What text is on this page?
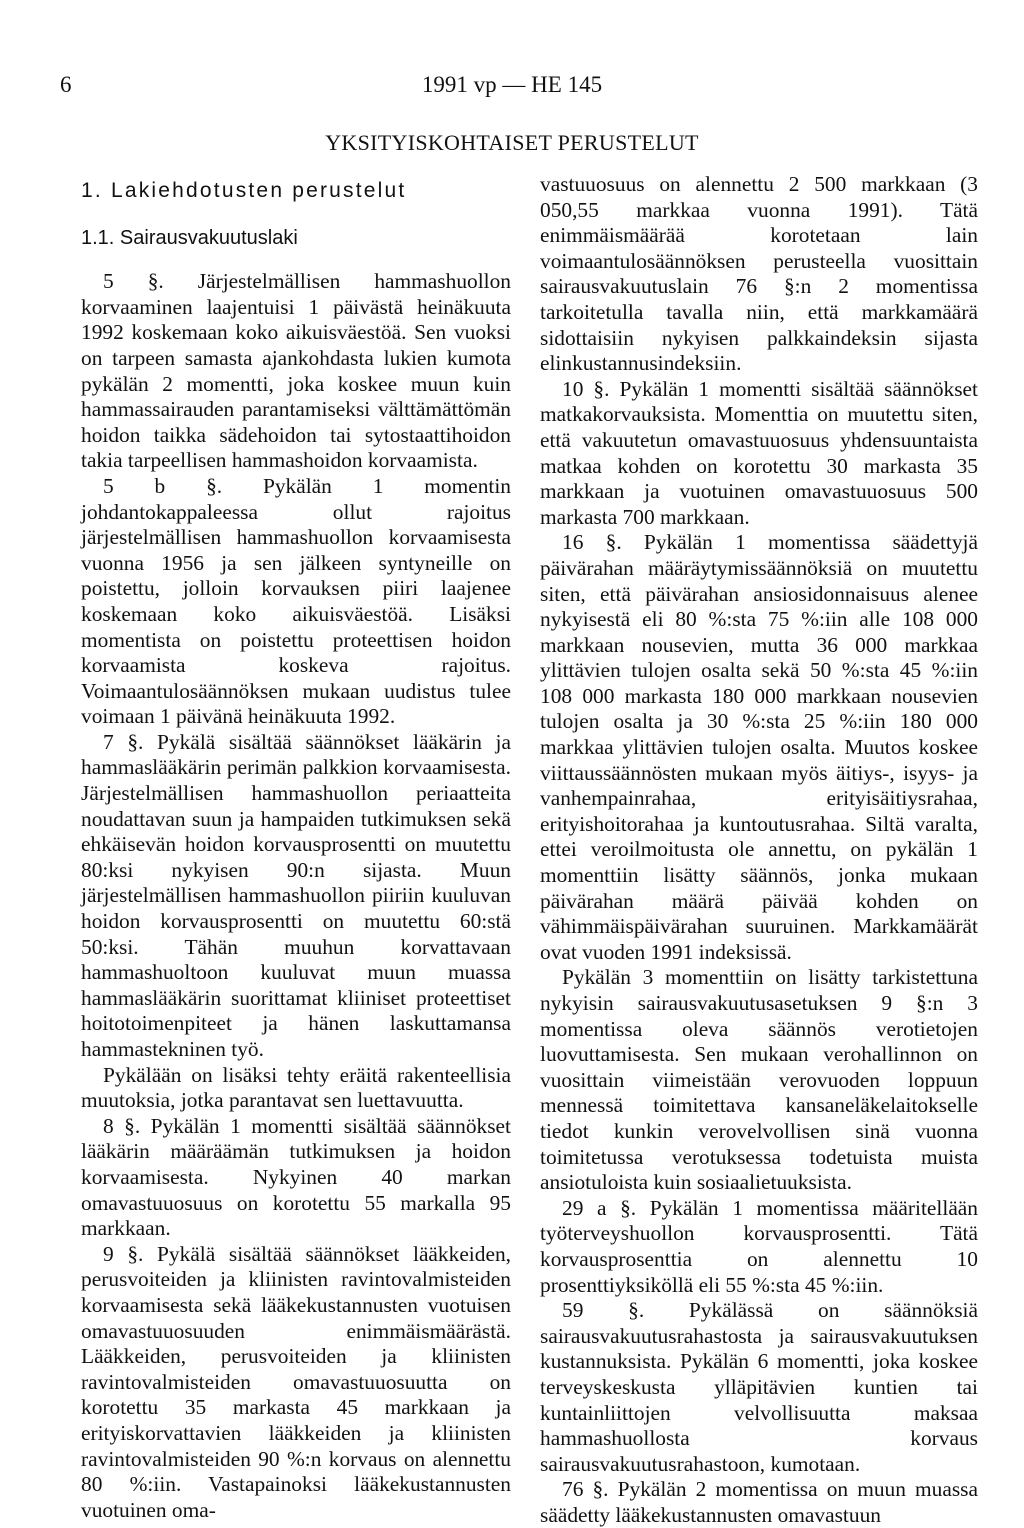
6	1991 vp — HE 145
YKSITYISKOHTAISET PERUSTELUT
1. Lakiehdotusten perustelut
1.1. Sairausvakuutuslaki

5 §. Järjestelmällisen hammashuollon korvaaminen laajentuisi 1 päivästä heinäkuuta 1992 koskemaan koko aikuisväestöä. Sen vuoksi on tarpeen samasta ajankohdasta lukien kumota pykälän 2 momentti, joka koskee muun kuin hammassairauden parantamiseksi välttämättömän hoidon taikka sädehoidon tai sytostaattihoidon takia tarpeellisen hammashoidon korvaamista.

5 b §. Pykälän 1 momentin johdantokappaleessa ollut rajoitus järjestelmällisen hammashuollon korvaamisesta vuonna 1956 ja sen jälkeen syntyneille on poistettu, jolloin korvauksen piiri laajenee koskemaan koko aikuisväestöä. Lisäksi momentista on poistettu proteettisen hoidon korvaamista koskeva rajoitus. Voimaantulosäännöksen mukaan uudistus tulee voimaan 1 päivänä heinäkuuta 1992.

7 §. Pykälä sisältää säännökset lääkärin ja hammaslääkärin perimän palkkion korvaamisesta. Järjestelmällisen hammashuollon periaatteita noudattavan suun ja hampaiden tutkimuksen sekä ehkäisevän hoidon korvausprosentti on muutettu 80:ksi nykyisen 90:n sijasta. Muun järjestelmällisen hammashuollon piiriin kuuluvan hoidon korvausprosentti on muutettu 60:stä 50:ksi. Tähän muuhun korvattavaan hammashuoltoon kuuluvat muun muassa hammaslääkärin suorittamat kliiniset proteettiset hoitotoimenpiteet ja hänen laskuttamansa hammastekninen työ.

Pykälään on lisäksi tehty eräitä rakenteellisia muutoksia, jotka parantavat sen luettavuutta.

8 §. Pykälän 1 momentti sisältää säännökset lääkärin määräämän tutkimuksen ja hoidon korvaamisesta. Nykyinen 40 markan omavastuuosuus on korotettu 55 markalla 95 markkaan.

9 §. Pykälä sisältää säännökset lääkkeiden, perusvoiteiden ja kliinisten ravintovalmisteiden korvaamisesta sekä lääkekustannusten vuotuisen omavastuuosuuden enimmäismäärästä. Lääkkeiden, perusvoiteiden ja kliinisten ravintovalmisteiden omavastuuosuutta on korotettu 35 markasta 45 markkaan ja erityiskorvattavien lääkkeiden ja kliinisten ravintovalmisteiden 90 %:n korvaus on alennettu 80 %:iin. Vastapainoksi lääkekustannusten vuotuinen oma-

vastuuosuus on alennettu 2 500 markkaan (3 050,55 markkaa vuonna 1991). Tätä enimmäismäärää korotetaan lain voimaantulosäännöksen perusteella vuosittain sairausvakuutuslain 76 §:n 2 momentissa tarkoitetulla tavalla niin, että markkamäärä sidottaisiin nykyisen palkkaindeksin sijasta elinkustannusindeksiin.

10 §. Pykälän 1 momentti sisältää säännökset matkakorvauksista. Momenttia on muutettu siten, että vakuutetun omavastuuosuus yhdensuuntaista matkaa kohden on korotettu 30 markasta 35 markkaan ja vuotuinen omavastuuosuus 500 markasta 700 markkaan.

16 §. Pykälän 1 momentissa säädettyjä päivärahan määräytymissäännöksiä on muutettu siten, että päivärahan ansiosidonnaisuus alenee nykyisestä eli 80 %:sta 75 %:iin alle 108 000 markkaan nousevien, mutta 36 000 markkaa ylittävien tulojen osalta sekä 50 %:sta 45 %:iin 108 000 markasta 180 000 markkaan nousevien tulojen osalta ja 30 %:sta 25 %:iin 180 000 markkaa ylittävien tulojen osalta. Muutos koskee viittaussäännösten mukaan myös äitiys-, isyys- ja vanhempainrahaa, erityisäitiysrahaa, erityishoitorahaa ja kuntoutusrahaa. Siltä varalta, ettei veroilmoitusta ole annettu, on pykälän 1 momenttiin lisätty säännös, jonka mukaan päivärahan määrä päivää kohden on vähimmäispäivärahan suuruinen. Markkamäärät ovat vuoden 1991 indeksissä.

Pykälän 3 momenttiin on lisätty tarkistettuna nykyisin sairausvakuutusasetuksen 9 §:n 3 momentissa oleva säännös verotietojen luovuttamisesta. Sen mukaan verohallinnon on vuosittain viimeistään verovuoden loppuun mennessä toimitettava kansaneläkelaitokselle tiedot kunkin verovelvollisen sinä vuonna toimitetussa verotuksessa todetuista muista ansiotuloista kuin sosiaalietuuksista.

29 a §. Pykälän 1 momentissa määritellään työterveyshuollon korvausprosentti. Tätä korvausprosenttia on alennettu 10 prosenttiyksiköllä eli 55 %:sta 45 %:iin.

59 §. Pykälässä on säännöksiä sairausvakuutusrahastosta ja sairausvakuutuksen kustannuksista. Pykälän 6 momentti, joka koskee terveyskeskusta ylläpitävien kuntien tai kuntainliittojen velvollisuutta maksaa hammashuollosta korvaus sairausvakuutusrahastoon, kumotaan.

76 §. Pykälän 2 momentissa on muun muassa säädetty lääkekustannusten omavastuun
